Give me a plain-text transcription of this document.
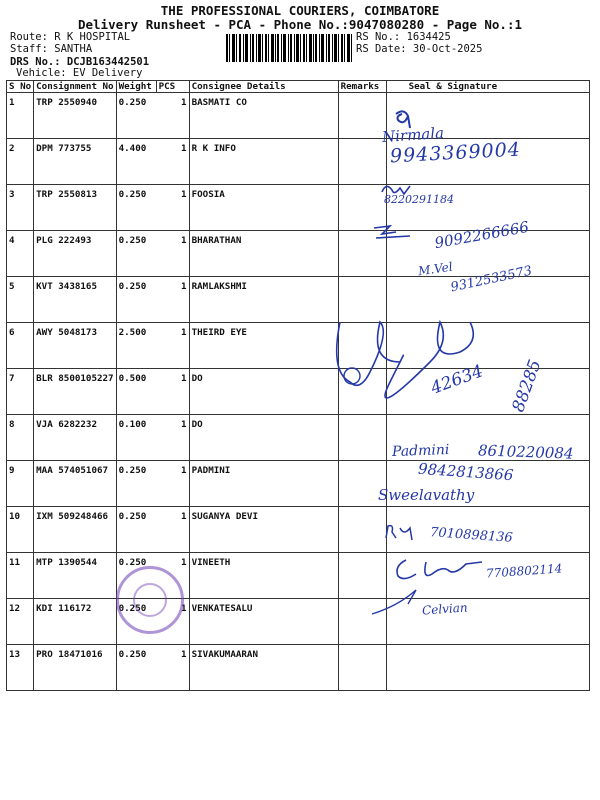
THE PROFESSIONAL COURIERS, COIMBATORE
Delivery Runsheet - PCA - Phone No.:9047080280 - Page No.:1
Route: R K HOSPITAL
Staff: SANTHA
DRS No.: DCJB163442501
Vehicle: EV Delivery
RS No.: 1634425
RS Date: 30-Oct-2025
S No	Consignment No	Weight	PCS	Consignee Details	Remarks	Seal & Signature
1	TRP 2550940	0.250	1	BASMATI CO		
2	DPM 773755	4.400	1	R K INFO		
3	TRP 2550813	0.250	1	FOOSIA		
4	PLG 222493	0.250	1	BHARATHAN		
5	KVT 3438165	0.250	1	RAMLAKSHMI		
6	AWY 5048173	2.500	1	THEIRD EYE		
7	BLR 8500105227	0.500	1	DO		
8	VJA 6282232	0.100	1	DO		
9	MAA 574051067	0.250	1	PADMINI		
10	IXM 509248466	0.250	1	SUGANYA DEVI		
11	MTP 1390544	0.250	1	VINEETH		
12	KDI 116172	0.250	1	VENKATESALU		
13	PRO 18471016	0.250	1	SIVAKUMAARAN		
Nirmala
9943369004
8220291184
9092266666
M.Vel
9312533573
42634 88285
Padmini 8610220084
9842813866
Sweelavathy
7010898136
7708802114
Celvian
